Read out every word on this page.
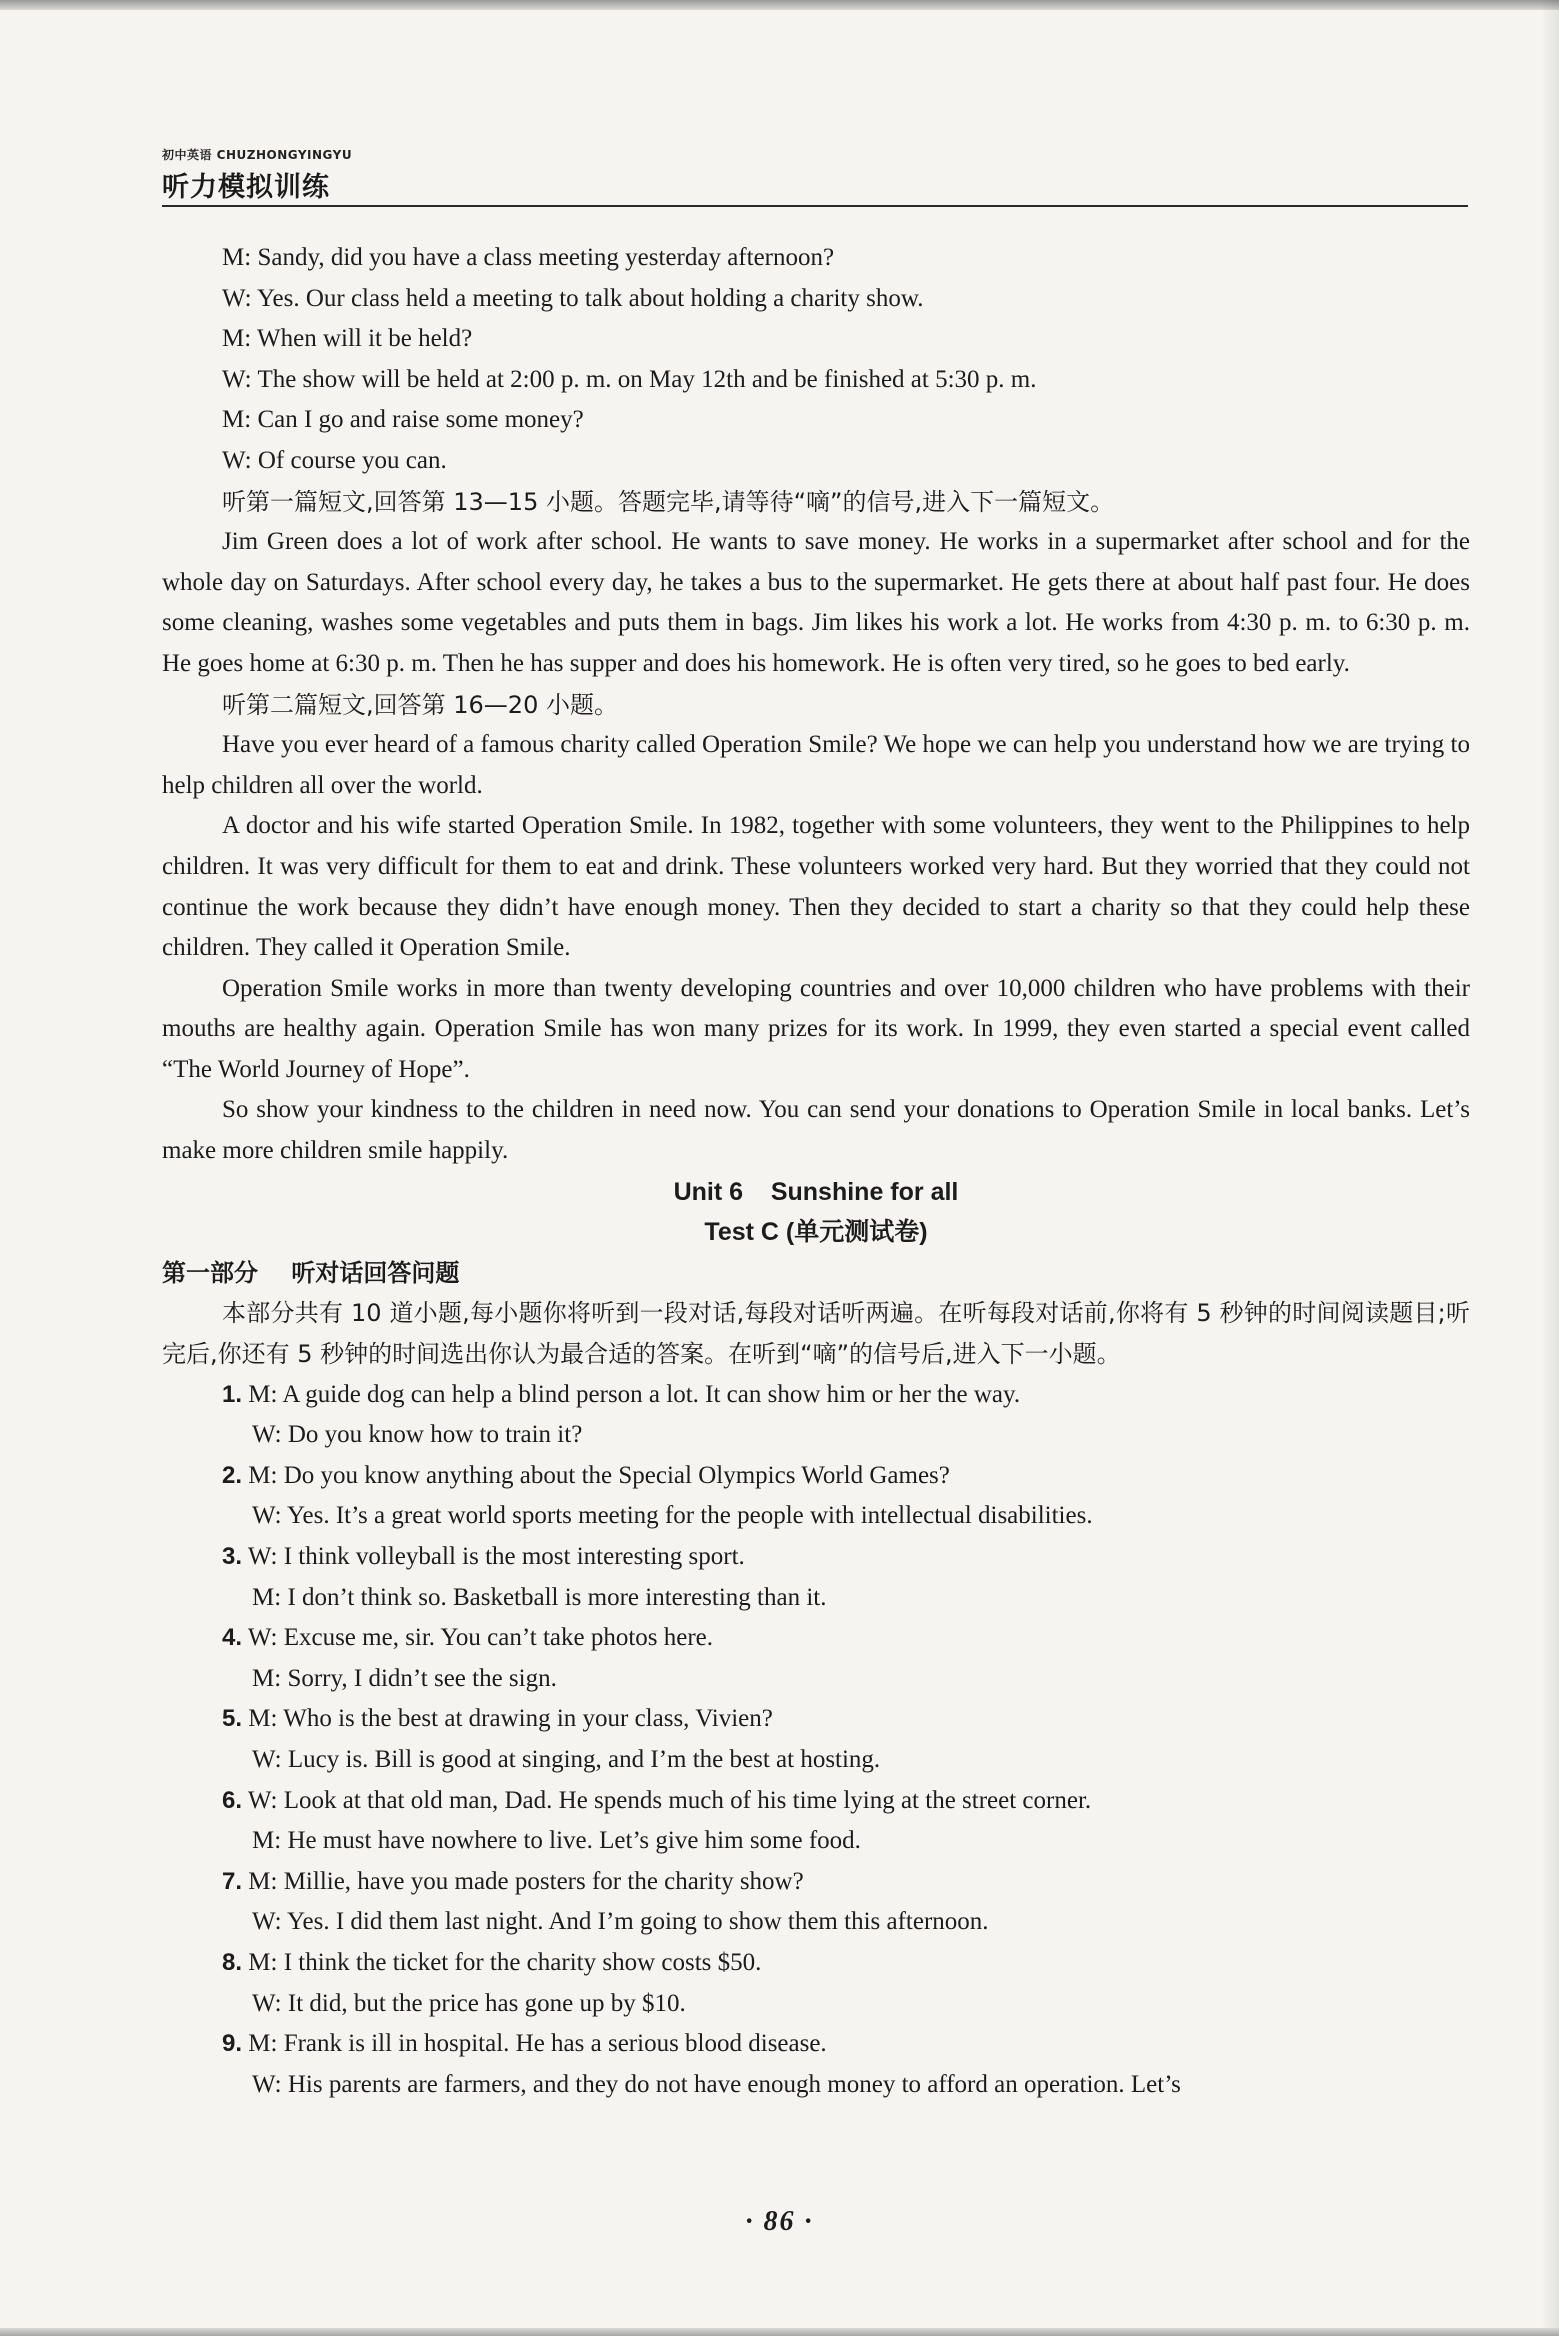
初中英语 CHUZHONGYINGYU
听力模拟训练
M: Sandy, did you have a class meeting yesterday afternoon?
W: Yes. Our class held a meeting to talk about holding a charity show.
M: When will it be held?
W: The show will be held at 2:00 p. m. on May 12th and be finished at 5:30 p. m.
M: Can I go and raise some money?
W: Of course you can.
听第一篇短文,回答第 13—15 小题。答题完毕,请等待“嘀”的信号,进入下一篇短文。

Jim Green does a lot of work after school. He wants to save money. He works in a supermarket after school and for the whole day on Saturdays. After school every day, he takes a bus to the supermarket. He gets there at about half past four. He does some cleaning, washes some vegetables and puts them in bags. Jim likes his work a lot. He works from 4:30 p. m. to 6:30 p. m. He goes home at 6:30 p. m. Then he has supper and does his homework. He is often very tired, so he goes to bed early.

听第二篇短文,回答第 16—20 小题。

Have you ever heard of a famous charity called Operation Smile? We hope we can help you understand how we are trying to help children all over the world.

A doctor and his wife started Operation Smile. In 1982, together with some volunteers, they went to the Philippines to help children. It was very difficult for them to eat and drink. These volunteers worked very hard. But they worried that they could not continue the work because they didn’t have enough money. Then they decided to start a charity so that they could help these children. They called it Operation Smile.

Operation Smile works in more than twenty developing countries and over 10,000 children who have problems with their mouths are healthy again. Operation Smile has won many prizes for its work. In 1999, they even started a special event called “The World Journey of Hope”.

So show your kindness to the children in need now. You can send your donations to Operation Smile in local banks. Let’s make more children smile happily.

Unit 6    Sunshine for all
Test C (单元测试卷)
第一部分    听对话回答问题

本部分共有 10 道小题,每小题你将听到一段对话,每段对话听两遍。在听每段对话前,你将有 5 秒钟的时间阅读题目;听完后,你还有 5 秒钟的时间选出你认为最合适的答案。在听到“嘀”的信号后,进入下一小题。

1. M: A guide dog can help a blind person a lot. It can show him or her the way.
W: Do you know how to train it?
2. M: Do you know anything about the Special Olympics World Games?
W: Yes. It’s a great world sports meeting for the people with intellectual disabilities.
3. W: I think volleyball is the most interesting sport.
M: I don’t think so. Basketball is more interesting than it.
4. W: Excuse me, sir. You can’t take photos here.
M: Sorry, I didn’t see the sign.
5. M: Who is the best at drawing in your class, Vivien?
W: Lucy is. Bill is good at singing, and I’m the best at hosting.
6. W: Look at that old man, Dad. He spends much of his time lying at the street corner.
M: He must have nowhere to live. Let’s give him some food.
7. M: Millie, have you made posters for the charity show?
W: Yes. I did them last night. And I’m going to show them this afternoon.
8. M: I think the ticket for the charity show costs $50.
W: It did, but the price has gone up by $10.
9. M: Frank is ill in hospital. He has a serious blood disease.
W: His parents are farmers, and they do not have enough money to afford an operation. Let’s
· 86 ·
